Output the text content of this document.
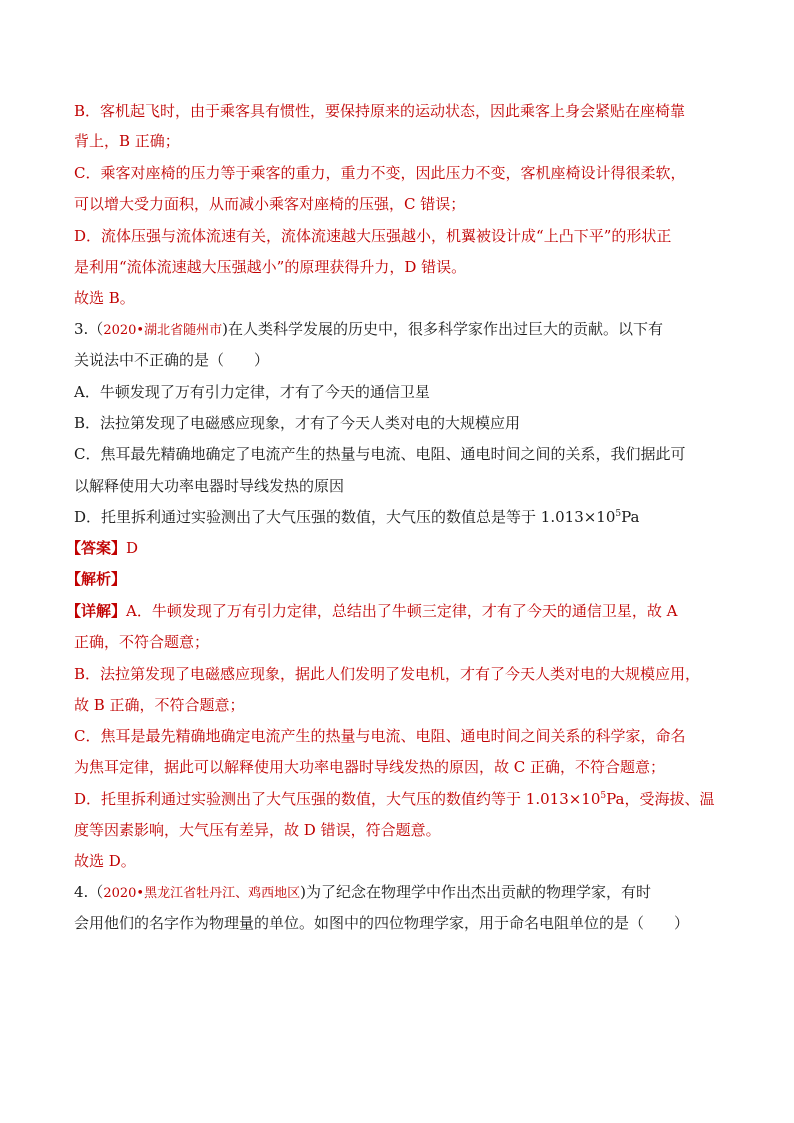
B．客机起飞时，由于乘客具有惯性，要保持原来的运动状态，因此乘客上身会紧贴在座椅靠
背上，B 正确；
C．乘客对座椅的压力等于乘客的重力，重力不变，因此压力不变，客机座椅设计得很柔软，
可以增大受力面积，从而减小乘客对座椅的压强，C 错误；
D．流体压强与流体流速有关，流体流速越大压强越小，机翼被设计成“上凸下平”的形状正
是利用“流体流速越大压强越小”的原理获得升力，D 错误。
故选 B。
3.（2020•湖北省随州市)在人类科学发展的历史中，很多科学家作出过巨大的贡献。以下有
关说法中不正确的是（　　）
A．牛顿发现了万有引力定律，才有了今天的通信卫星
B．法拉第发现了电磁感应现象，才有了今天人类对电的大规模应用
C．焦耳最先精确地确定了电流产生的热量与电流、电阻、通电时间之间的关系，我们据此可
以解释使用大功率电器时导线发热的原因
D．托里拆利通过实验测出了大气压强的数值，大气压的数值总是等于 $1.013\times 10^5Pa$
【答案】D
【解析】
【详解】A．牛顿发现了万有引力定律，总结出了牛顿三定律，才有了今天的通信卫星，故 A
正确，不符合题意；
B．法拉第发现了电磁感应现象，据此人们发明了发电机，才有了今天人类对电的大规模应用，
故 B 正确，不符合题意；
C．焦耳是最先精确地确定电流产生的热量与电流、电阻、通电时间之间关系的科学家，命名
为焦耳定律，据此可以解释使用大功率电器时导线发热的原因，故 C 正确，不符合题意；
D．托里拆利通过实验测出了大气压强的数值，大气压的数值约等于 $1.013\times 10^5Pa$，受海拔、温
度等因素影响，大气压有差异，故 D 错误，符合题意。
故选 D。
4.（2020•黑龙江省牡丹江、鸡西地区)为了纪念在物理学中作出杰出贡献的物理学家，有时
会用他们的名字作为物理量的单位。如图中的四位物理学家，用于命名电阻单位的是（　　）
